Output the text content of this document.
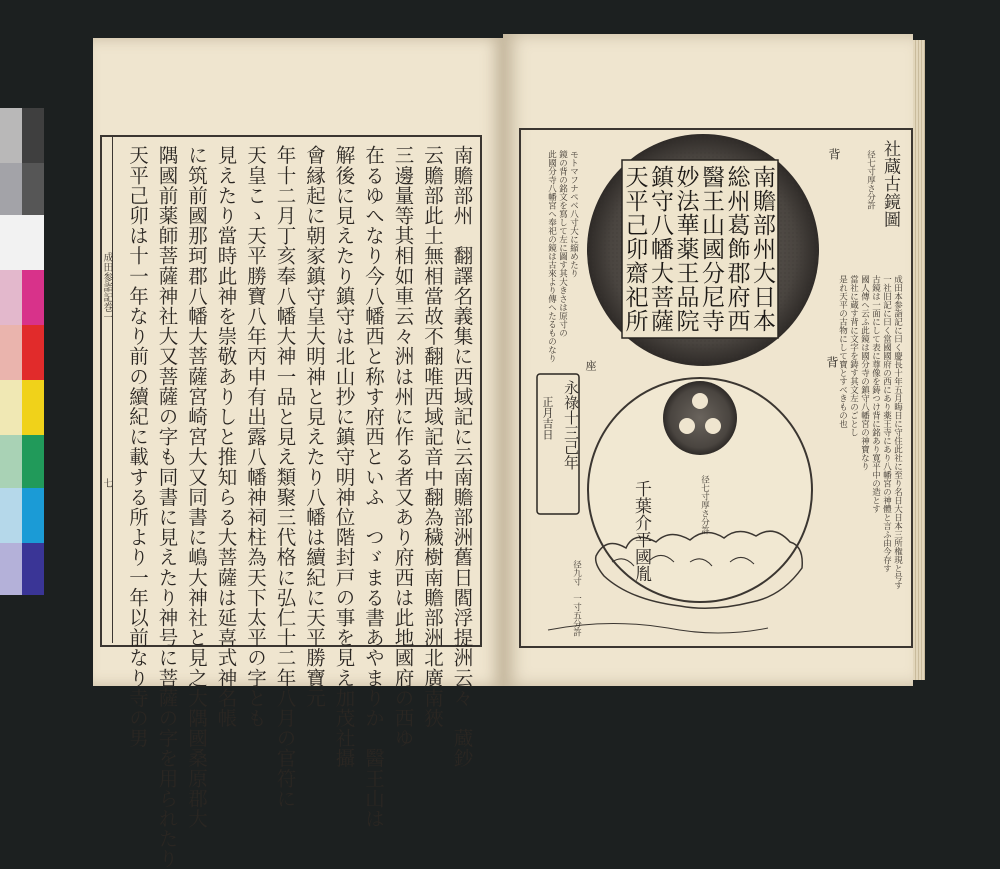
成田参詣記巻一
七	南贍部州　翻譯名義集に西域記に云南贍部洲舊日閻浮提洲云々　蔵鈔
云贍部此土無相當故不翻唯西域記音中翻為穢樹南贍部洲北廣南狹
三邊量等其相如車云々洲は州に作る者又あり府西は此地國府の西ゆ
在るゆへなり今八幡西と称す府西といふ　つゞまる書あやまりか　醫王山は
解後に見えたり鎮守は北山抄に鎮守明神位階封戸の事を見え加茂社攝
會縁起に朝家鎮守皇大明神と見えたり八幡は續紀に天平勝寶元
年十二月丁亥奉八幡大神一品と見え類聚三代格に弘仁十二年八月の官符に
天皇こゝ天平勝寶八年丙申有出露八幡神祠柱為天下太平の字とも
見えたり當時此神を崇敬ありしと推知らる大菩薩は延喜式神名帳
に筑前國那珂郡八幡大菩薩宮崎宮大又同書に嶋大神社と見之大隅國桑原郡大
隅國前薬師菩薩神社大又菩薩の字も同書に見えたり神号に菩薩の字を用られたり
天平己卯は十一年なり前の續紀に載する所より一年以前なり寺の男	社蔵古鏡圖
径七寸厚さ分許
背
背	成田本参詣記に曰く慶長十年五月晦日に守住此社に至り名日大日本三所権現と号す
一社旧記に曰く當國國府の西にあり薬王寺にあり八幡宮の神體と言ふ由今存す
古鏡は一面にして表に尊像を鋳つけ背に銘あり寛平中の造とす
國人傳へ云ふ此鏡は國分寺の鎮守八幡宮の神寶なり
當社に蔵す背に文字を鋳す其文左のごとし
是れ天平の古物にして寶とすべきもの也
此國分寺八幡宮へ奉祀の鏡は古來より傳へたるものなり 鏡の背の銘文を寫して左に圖す其大きさは原寸の モトマフナペベ八寸大に縮めたり	南贍部州大日本
総州葛飾郡府西
醫王山國分尼寺
妙法華薬王品院
鎮守八幡大菩薩
天平己卯齋祀所
永祿十三己年
正月吉日
千葉介平國胤	径七寸厚さ分許
径九寸　一寸五分許
座
